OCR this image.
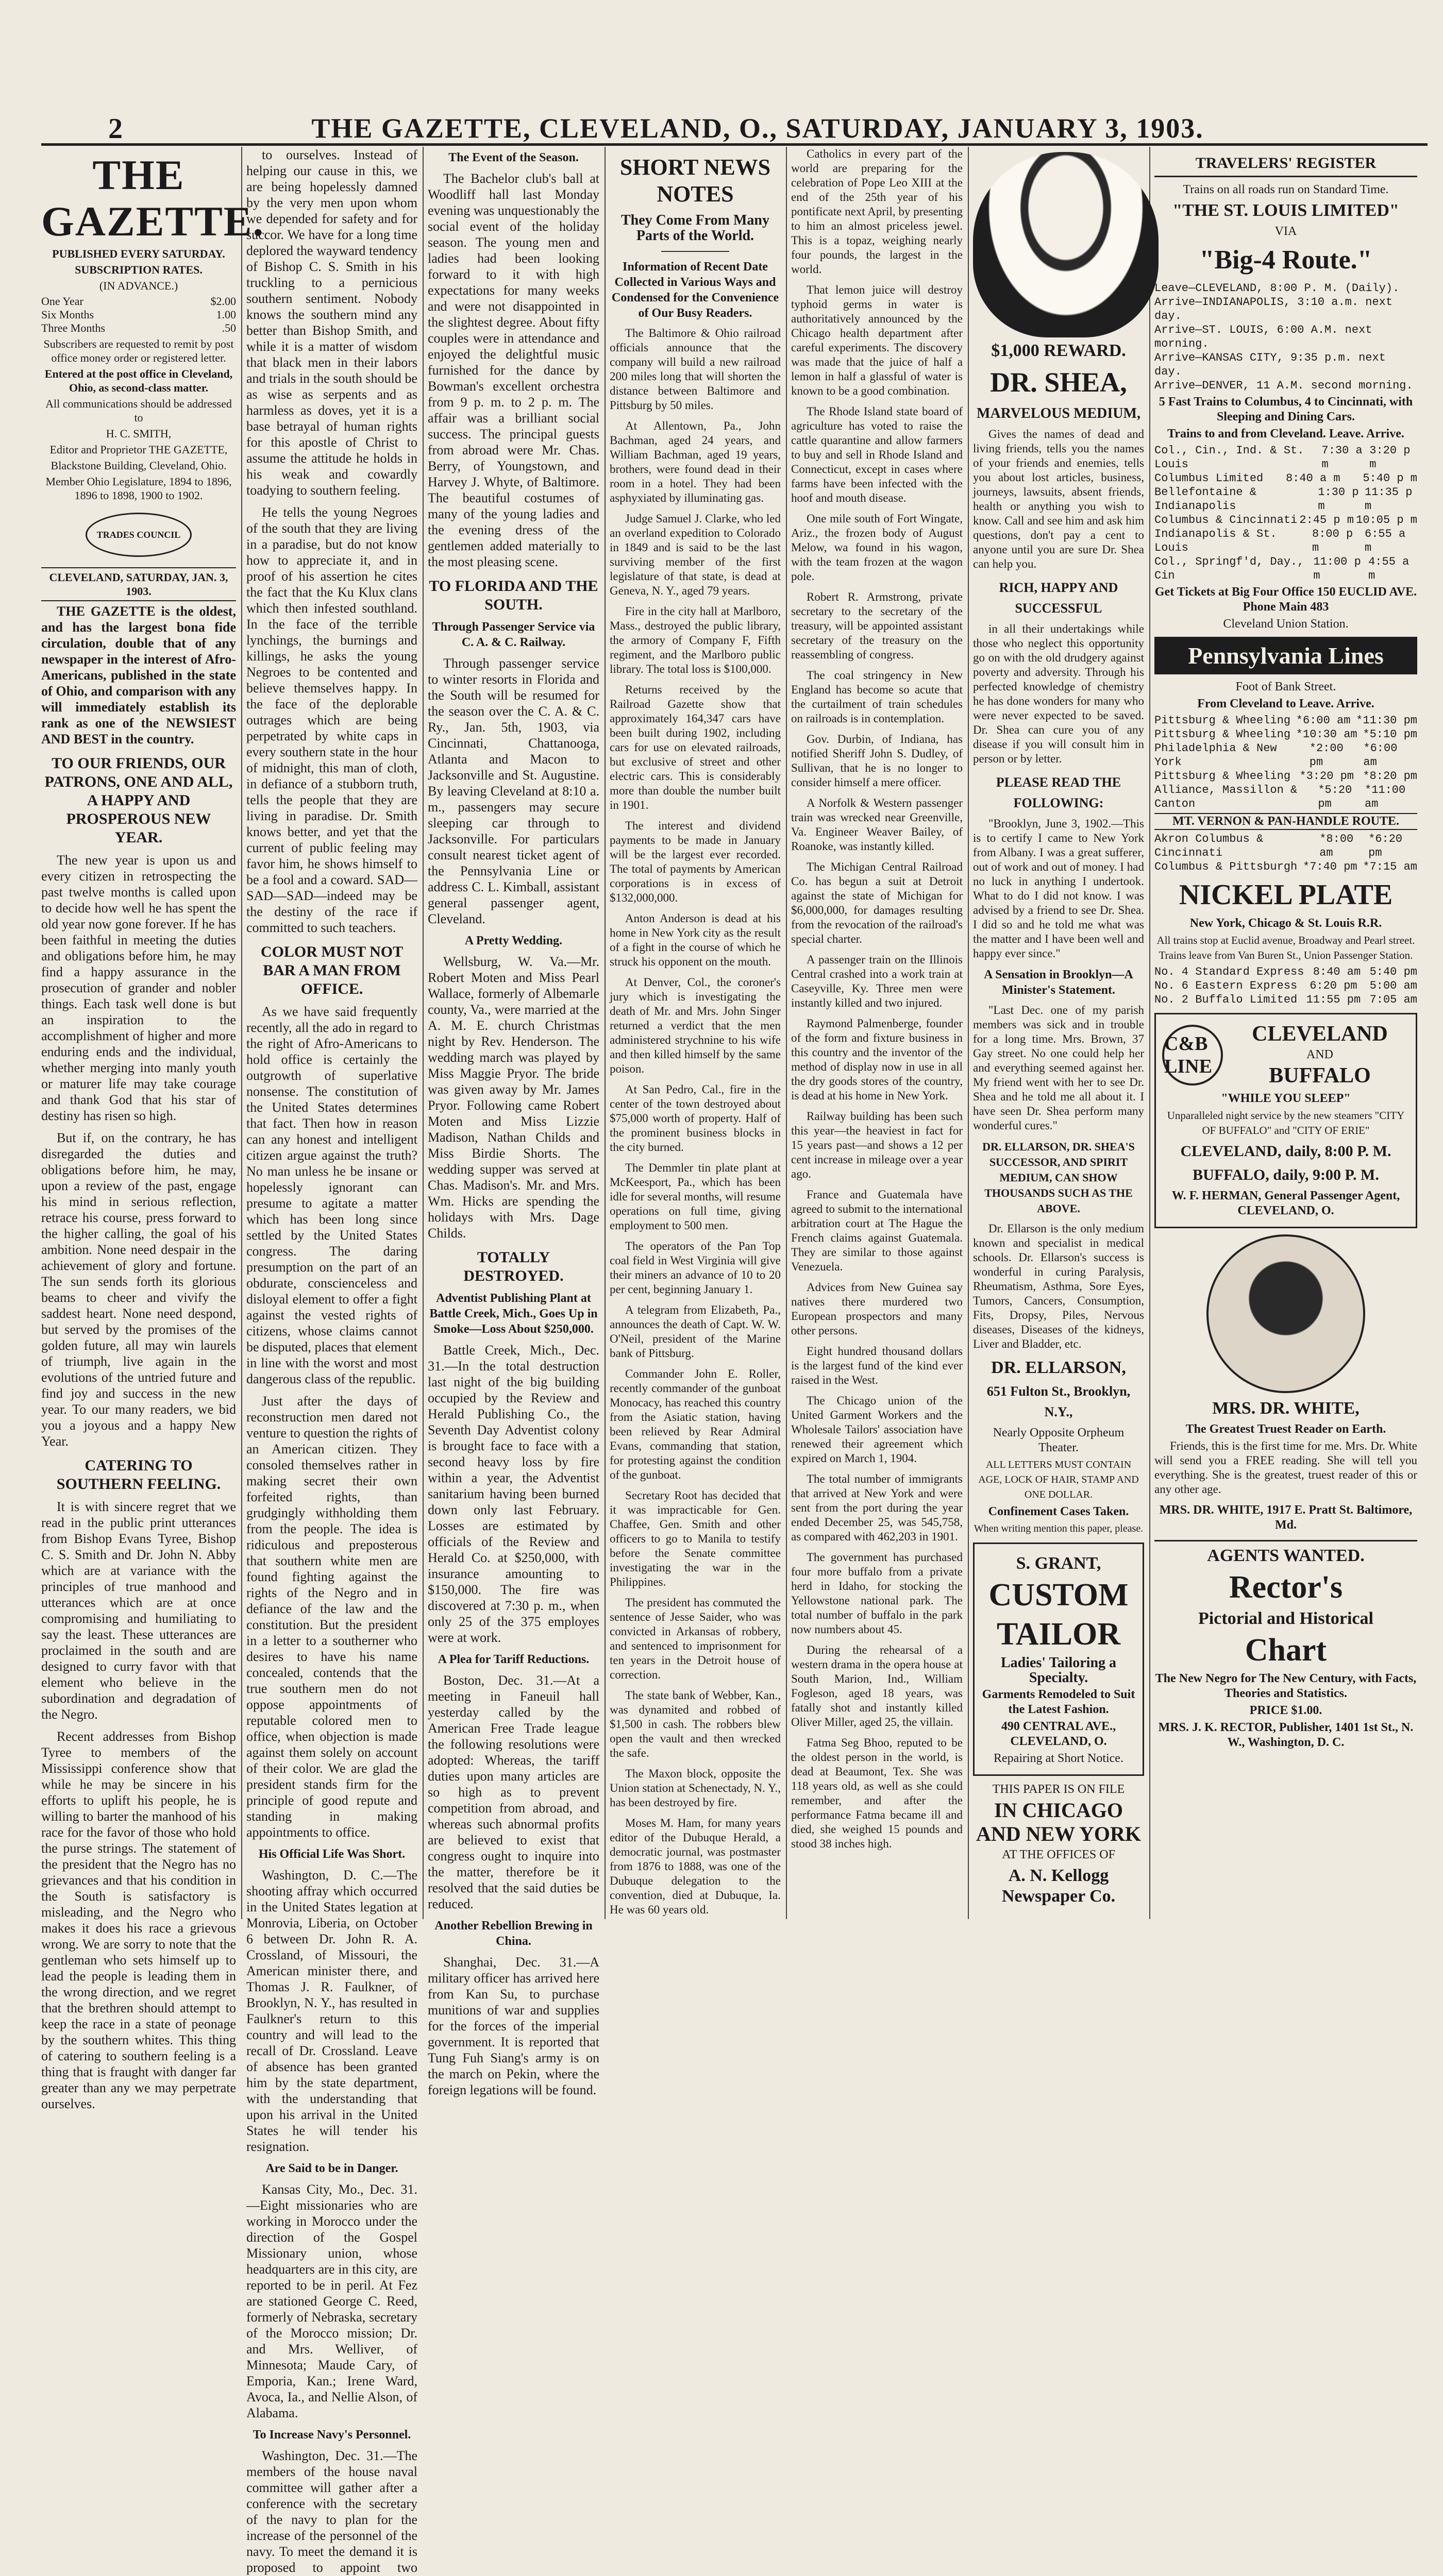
2	THE GAZETTE, CLEVELAND, O., SATURDAY, JANUARY 3, 1903.
THE GAZETTE.
PUBLISHED EVERY SATURDAY.
SUBSCRIPTION RATES.
(IN ADVANCE.)
One Year	$2.00
Six Months	1.00
Three Months	.50
Subscribers are requested to remit by post office money order or registered letter.
Entered at the post office in Cleveland, Ohio, as second-class matter.
All communications should be addressed to
H. C. SMITH,
Editor and Proprietor THE GAZETTE,
Blackstone Building, Cleveland, Ohio.
Member Ohio Legislature, 1894 to 1896, 1896 to 1898, 1900 to 1902.
TRADES COUNCIL
CLEVELAND, SATURDAY, JAN. 3, 1903.

THE GAZETTE is the oldest, and has the largest bona fide circulation, double that of any newspaper in the interest of Afro-Americans, published in the state of Ohio, and comparison with any will immediately establish its rank as one of the NEWSIEST AND BEST in the country.

TO OUR FRIENDS, OUR PATRONS, ONE AND ALL, A HAPPY AND PROSPEROUS NEW YEAR.

The new year is upon us and every citizen in retrospecting the past twelve months is called upon to decide how well he has spent the old year now gone forever. If he has been faithful in meeting the duties and obligations before him, he may find a happy assurance in the prosecution of grander and nobler things. Each task well done is but an inspiration to the accomplishment of higher and more enduring ends and the individual, whether merging into manly youth or maturer life may take courage and thank God that his star of destiny has risen so high.

But if, on the contrary, he has disregarded the duties and obligations before him, he may, upon a review of the past, engage his mind in serious reflection, retrace his course, press forward to the higher calling, the goal of his ambition. None need despair in the achievement of glory and fortune. The sun sends forth its glorious beams to cheer and vivify the saddest heart. None need despond, but served by the promises of the golden future, all may win laurels of triumph, live again in the evolutions of the untried future and find joy and success in the new year. To our many readers, we bid you a joyous and a happy New Year.

CATERING TO SOUTHERN FEELING.

It is with sincere regret that we read in the public print utterances from Bishop Evans Tyree, Bishop C. S. Smith and Dr. John N. Abby which are at variance with the principles of true manhood and utterances which are at once compromising and humiliating to say the least. These utterances are proclaimed in the south and are designed to curry favor with that element who believe in the subordination and degradation of the Negro.

Recent addresses from Bishop Tyree to members of the Mississippi conference show that while he may be sincere in his efforts to uplift his people, he is willing to barter the manhood of his race for the favor of those who hold the purse strings. The statement of the president that the Negro has no grievances and that his condition in the South is satisfactory is misleading, and the Negro who makes it does his race a grievous wrong. We are sorry to note that the gentleman who sets himself up to lead the people is leading them in the wrong direction, and we regret that the brethren should attempt to keep the race in a state of peonage by the southern whites. This thing of catering to southern feeling is a thing that is fraught with danger far greater than any we may perpetrate ourselves.

to ourselves. Instead of helping our cause in this, we are being hopelessly damned by the very men upon whom we depended for safety and for succor. We have for a long time deplored the wayward tendency of Bishop C. S. Smith in his truckling to a pernicious southern sentiment. Nobody knows the southern mind any better than Bishop Smith, and while it is a matter of wisdom that black men in their labors and trials in the south should be as wise as serpents and as harmless as doves, yet it is a base betrayal of human rights for this apostle of Christ to assume the attitude he holds in his weak and cowardly toadying to southern feeling.

He tells the young Negroes of the south that they are living in a paradise, but do not know how to appreciate it, and in proof of his assertion he cites the fact that the Ku Klux clans which then infested southland. In the face of the terrible lynchings, the burnings and killings, he asks the young Negroes to be contented and believe themselves happy. In the face of the deplorable outrages which are being perpetrated by white caps in every southern state in the hour of midnight, this man of cloth, in defiance of a stubborn truth, tells the people that they are living in paradise. Dr. Smith knows better, and yet that the current of public feeling may favor him, he shows himself to be a fool and a coward. SAD—SAD—SAD—indeed may be the destiny of the race if committed to such teachers.

COLOR MUST NOT BAR A MAN FROM OFFICE.

As we have said frequently recently, all the ado in regard to the right of Afro-Americans to hold office is certainly the outgrowth of superlative nonsense. The constitution of the United States determines that fact. Then how in reason can any honest and intelligent citizen argue against the truth? No man unless he be insane or hopelessly ignorant can presume to agitate a matter which has been long since settled by the United States congress. The daring presumption on the part of an obdurate, conscienceless and disloyal element to offer a fight against the vested rights of citizens, whose claims cannot be disputed, places that element in line with the worst and most dangerous class of the republic.

Just after the days of reconstruction men dared not venture to question the rights of an American citizen. They consoled themselves rather in making secret their own forfeited rights, than grudgingly withholding them from the people. The idea is ridiculous and preposterous that southern white men are found fighting against the rights of the Negro and in defiance of the law and the constitution. But the president in a letter to a southerner who desires to have his name concealed, contends that the true southern men do not oppose appointments of reputable colored men to office, when objection is made against them solely on account of their color. We are glad the president stands firm for the principle of good repute and standing in making appointments to office.

His Official Life Was Short.

Washington, D. C.—The shooting affray which occurred in the United States legation at Monrovia, Liberia, on October 6 between Dr. John R. A. Crossland, of Missouri, the American minister there, and Thomas J. R. Faulkner, of Brooklyn, N. Y., has resulted in Faulkner's return to this country and will lead to the recall of Dr. Crossland. Leave of absence has been granted him by the state department, with the understanding that upon his arrival in the United States he will tender his resignation.

Are Said to be in Danger.

Kansas City, Mo., Dec. 31.—Eight missionaries who are working in Morocco under the direction of the Gospel Missionary union, whose headquarters are in this city, are reported to be in peril. At Fez are stationed George C. Reed, formerly of Nebraska, secretary of the Morocco mission; Dr. and Mrs. Welliver, of Minnesota; Maude Cary, of Emporia, Kan.; Irene Ward, Avoca, Ia., and Nellie Alson, of Alabama.

To Increase Navy's Personnel.

Washington, Dec. 31.—The members of the house naval committee will gather after a conference with the secretary of the navy to plan for the increase of the personnel of the navy. To meet the demand it is proposed to appoint two

The Event of the Season.

The Bachelor club's ball at Woodliff hall last Monday evening was unquestionably the social event of the holiday season. The young men and ladies had been looking forward to it with high expectations for many weeks and were not disappointed in the slightest degree. About fifty couples were in attendance and enjoyed the delightful music furnished for the dance by Bowman's excellent orchestra from 9 p. m. to 2 p. m. The affair was a brilliant social success. The principal guests from abroad were Mr. Chas. Berry, of Youngstown, and Harvey J. Whyte, of Baltimore. The beautiful costumes of many of the young ladies and the evening dress of the gentlemen added materially to the most pleasing scene.

TO FLORIDA AND THE SOUTH.
Through Passenger Service via C. A. & C. Railway.

Through passenger service to winter resorts in Florida and the South will be resumed for the season over the C. A. & C. Ry., Jan. 5th, 1903, via Cincinnati, Chattanooga, Atlanta and Macon to Jacksonville and St. Augustine. By leaving Cleveland at 8:10 a. m., passengers may secure sleeping car through to Jacksonville. For particulars consult nearest ticket agent of the Pennsylvania Line or address C. L. Kimball, assistant general passenger agent, Cleveland.

A Pretty Wedding.

Wellsburg, W. Va.—Mr. Robert Moten and Miss Pearl Wallace, formerly of Albemarle county, Va., were married at the A. M. E. church Christmas night by Rev. Henderson. The wedding march was played by Miss Maggie Pryor. The bride was given away by Mr. James Pryor. Following came Robert Moten and Miss Lizzie Madison, Nathan Childs and Miss Birdie Shorts. The wedding supper was served at Chas. Madison's. Mr. and Mrs. Wm. Hicks are spending the holidays with Mrs. Dage Childs.

TOTALLY DESTROYED.
Adventist Publishing Plant at Battle Creek, Mich., Goes Up in Smoke—Loss About $250,000.

Battle Creek, Mich., Dec. 31.—In the total destruction last night of the big building occupied by the Review and Herald Publishing Co., the Seventh Day Adventist colony is brought face to face with a second heavy loss by fire within a year, the Adventist sanitarium having been burned down only last February. Losses are estimated by officials of the Review and Herald Co. at $250,000, with insurance amounting to $150,000. The fire was discovered at 7:30 p. m., when only 25 of the 375 employes were at work.

A Plea for Tariff Reductions.

Boston, Dec. 31.—At a meeting in Faneuil hall yesterday called by the American Free Trade league the following resolutions were adopted: Whereas, the tariff duties upon many articles are so high as to prevent competition from abroad, and whereas such abnormal profits are believed to exist that congress ought to inquire into the matter, therefore be it resolved that the said duties be reduced.

Another Rebellion Brewing in China.

Shanghai, Dec. 31.—A military officer has arrived here from Kan Su, to purchase munitions of war and supplies for the forces of the imperial government. It is reported that Tung Fuh Siang's army is on the march on Pekin, where the foreign legations will be found.

SHORT NEWS NOTES
They Come From Many Parts of the World.
Information of Recent Date Collected in Various Ways and Condensed for the Convenience of Our Busy Readers.

The Baltimore & Ohio railroad officials announce that the company will build a new railroad 200 miles long that will shorten the distance between Baltimore and Pittsburg by 50 miles.

At Allentown, Pa., John Bachman, aged 24 years, and William Bachman, aged 19 years, brothers, were found dead in their room in a hotel. They had been asphyxiated by illuminating gas.

Judge Samuel J. Clarke, who led an overland expedition to Colorado in 1849 and is said to be the last surviving member of the first legislature of that state, is dead at Geneva, N. Y., aged 79 years.

Fire in the city hall at Marlboro, Mass., destroyed the public library, the armory of Company F, Fifth regiment, and the Marlboro public library. The total loss is $100,000.

Returns received by the Railroad Gazette show that approximately 164,347 cars have been built during 1902, including cars for use on elevated railroads, but exclusive of street and other electric cars. This is considerably more than double the number built in 1901.

The interest and dividend payments to be made in January will be the largest ever recorded. The total of payments by American corporations is in excess of $132,000,000.

Anton Anderson is dead at his home in New York city as the result of a fight in the course of which he struck his opponent on the mouth.

At Denver, Col., the coroner's jury which is investigating the death of Mr. and Mrs. John Singer returned a verdict that the men administered strychnine to his wife and then killed himself by the same poison.

At San Pedro, Cal., fire in the center of the town destroyed about $75,000 worth of property. Half of the prominent business blocks in the city burned.

The Demmler tin plate plant at McKeesport, Pa., which has been idle for several months, will resume operations on full time, giving employment to 500 men.

The operators of the Pan Top coal field in West Virginia will give their miners an advance of 10 to 20 per cent, beginning January 1.

A telegram from Elizabeth, Pa., announces the death of Capt. W. W. O'Neil, president of the Marine bank of Pittsburg.

Commander John E. Roller, recently commander of the gunboat Monocacy, has reached this country from the Asiatic station, having been relieved by Rear Admiral Evans, commanding that station, for protesting against the condition of the gunboat.

Secretary Root has decided that it was impracticable for Gen. Chaffee, Gen. Smith and other officers to go to Manila to testify before the Senate committee investigating the war in the Philippines.

The president has commuted the sentence of Jesse Saider, who was convicted in Arkansas of robbery, and sentenced to imprisonment for ten years in the Detroit house of correction.

The state bank of Webber, Kan., was dynamited and robbed of $1,500 in cash. The robbers blew open the vault and then wrecked the safe.

The Maxon block, opposite the Union station at Schenectady, N. Y., has been destroyed by fire.

Moses M. Ham, for many years editor of the Dubuque Herald, a democratic journal, was postmaster from 1876 to 1888, was one of the Dubuque delegation to the convention, died at Dubuque, Ia. He was 60 years old.

Catholics in every part of the world are preparing for the celebration of Pope Leo XIII at the end of the 25th year of his pontificate next April, by presenting to him an almost priceless jewel. This is a topaz, weighing nearly four pounds, the largest in the world.

That lemon juice will destroy typhoid germs in water is authoritatively announced by the Chicago health department after careful experiments. The discovery was made that the juice of half a lemon in half a glassful of water is known to be a good combination.

The Rhode Island state board of agriculture has voted to raise the cattle quarantine and allow farmers to buy and sell in Rhode Island and Connecticut, except in cases where farms have been infected with the hoof and mouth disease.

One mile south of Fort Wingate, Ariz., the frozen body of August Melow, wa found in his wagon, with the team frozen at the wagon pole.

Robert R. Armstrong, private secretary to the secretary of the treasury, will be appointed assistant secretary of the treasury on the reassembling of congress.

The coal stringency in New England has become so acute that the curtailment of train schedules on railroads is in contemplation.

Gov. Durbin, of Indiana, has notified Sheriff John S. Dudley, of Sullivan, that he is no longer to consider himself a mere officer.

A Norfolk & Western passenger train was wrecked near Greenville, Va. Engineer Weaver Bailey, of Roanoke, was instantly killed.

The Michigan Central Railroad Co. has begun a suit at Detroit against the state of Michigan for $6,000,000, for damages resulting from the revocation of the railroad's special charter.

A passenger train on the Illinois Central crashed into a work train at Caseyville, Ky. Three men were instantly killed and two injured.

Raymond Palmenberge, founder of the form and fixture business in this country and the inventor of the method of display now in use in all the dry goods stores of the country, is dead at his home in New York.

Railway building has been such this year—the heaviest in fact for 15 years past—and shows a 12 per cent increase in mileage over a year ago.

France and Guatemala have agreed to submit to the international arbitration court at The Hague the French claims against Guatemala. They are similar to those against Venezuela.

Advices from New Guinea say natives there murdered two European prospectors and many other persons.

Eight hundred thousand dollars is the largest fund of the kind ever raised in the West.

The Chicago union of the United Garment Workers and the Wholesale Tailors' association have renewed their agreement which expired on March 1, 1904.

The total number of immigrants that arrived at New York and were sent from the port during the year ended December 25, was 545,758, as compared with 462,203 in 1901.

The government has purchased four more buffalo from a private herd in Idaho, for stocking the Yellowstone national park. The total number of buffalo in the park now numbers about 45.

During the rehearsal of a western drama in the opera house at South Marion, Ind., William Fogleson, aged 18 years, was fatally shot and instantly killed Oliver Miller, aged 25, the villain.

Fatma Seg Bhoo, reputed to be the oldest person in the world, is dead at Beaumont, Tex. She was 118 years old, as well as she could remember, and after the performance Fatma became ill and died, she weighed 15 pounds and stood 38 inches high.

$1,000 REWARD.
DR. SHEA,
MARVELOUS MEDIUM,

Gives the names of dead and living friends, tells you the names of your friends and enemies, tells you about lost articles, business, journeys, lawsuits, absent friends, health or anything you wish to know. Call and see him and ask him questions, don't pay a cent to anyone until you are sure Dr. Shea can help you.

RICH, HAPPY AND SUCCESSFUL

in all their undertakings while those who neglect this opportunity go on with the old drudgery against poverty and adversity. Through his perfected knowledge of chemistry he has done wonders for many who were never expected to be saved. Dr. Shea can cure you of any disease if you will consult him in person or by letter.

PLEASE READ THE FOLLOWING:

"Brooklyn, June 3, 1902.—This is to certify I came to New York from Albany. I was a great sufferer, out of work and out of money. I had no luck in anything I undertook. What to do I did not know. I was advised by a friend to see Dr. Shea. I did so and he told me what was the matter and I have been well and happy ever since."

A Sensation in Brooklyn—A Minister's Statement.

"Last Dec. one of my parish members was sick and in trouble for a long time. Mrs. Brown, 37 Gay street. No one could help her and everything seemed against her. My friend went with her to see Dr. Shea and he told me all about it. I have seen Dr. Shea perform many wonderful cures."

DR. ELLARSON, DR. SHEA'S SUCCESSOR, AND SPIRIT MEDIUM, CAN SHOW THOUSANDS SUCH AS THE ABOVE.

Dr. Ellarson is the only medium known and specialist in medical schools. Dr. Ellarson's success is wonderful in curing Paralysis, Rheumatism, Asthma, Sore Eyes, Tumors, Cancers, Consumption, Fits, Dropsy, Piles, Nervous diseases, Diseases of the kidneys, Liver and Bladder, etc.

DR. ELLARSON,
651 Fulton St., Brooklyn, N.Y.,
Nearly Opposite Orpheum Theater.
ALL LETTERS MUST CONTAIN AGE, LOCK OF HAIR, STAMP AND ONE DOLLAR.
Confinement Cases Taken.
When writing mention this paper, please.
S. GRANT,
CUSTOM
TAILOR
Ladies' Tailoring a Specialty.
Garments Remodeled to Suit the Latest Fashion.
490 CENTRAL AVE., CLEVELAND, O.
Repairing at Short Notice.
THIS PAPER IS ON FILE
IN CHICAGO
AND NEW YORK
AT THE OFFICES OF
A. N. Kellogg Newspaper Co.
TRAVELERS' REGISTER
Trains on all roads run on Standard Time.
"THE ST. LOUIS LIMITED"
VIA
"Big-4 Route."
Leave—CLEVELAND, 8:00 P. M. (Daily).
Arrive—INDIANAPOLIS, 3:10 a.m. next day.
Arrive—ST. LOUIS, 6:00 A.M. next morning.
Arrive—KANSAS CITY, 9:35 p.m. next day.
Arrive—DENVER, 11 A.M. second morning.
5 Fast Trains to Columbus, 4 to Cincinnati, with Sleeping and Dining Cars.
Trains to and from Cleveland. Leave. Arrive.
Col., Cin., Ind. & St. Louis
7:30 a m
3:20 p m
Columbus Limited 8:40 a m 5:40 p m
Bellefontaine & Indianapolis
1:30 p m
11:35 p m
Columbus & Cincinnati 2:45 p m 10:05 p m
Indianapolis & St. Louis
8:00 p m
6:55 a m
Col., Springf'd, Day., Cin
11:00 p m
4:55 a m
Get Tickets at Big Four Office 150 EUCLID AVE. Phone Main 483
Cleveland Union Station.
Pennsylvania Lines
Foot of Bank Street.
From Cleveland to Leave. Arrive.
Pittsburg & Wheeling *6:00 am *11:30 pm
Pittsburg & Wheeling *10:30 am *5:10 pm
Philadelphia & New York
*2:00 pm
*6:00 am
Pittsburg & Wheeling *3:20 pm *8:20 pm
Alliance, Massillon & Canton
*5:20 pm
*11:00 am
MT. VERNON & PAN-HANDLE ROUTE.
Akron Columbus & Cincinnati
*8:00 am
*6:20 pm
Columbus & Pittsburgh *7:40 pm *7:15 am
NICKEL PLATE
New York, Chicago & St. Louis R.R.
All trains stop at Euclid avenue, Broadway and Pearl street. Trains leave from Van Buren St., Union Passenger Station.
No. 4 Standard Express 8:40 am 5:40 pm
No. 6 Eastern Express 6:20 pm 5:00 am
No. 2 Buffalo Limited 11:55 pm 7:05 am
C&B LINE
CLEVELAND
AND
BUFFALO
"WHILE YOU SLEEP"
Unparalleled night service by the new steamers "CITY OF BUFFALO" and "CITY OF ERIE"
CLEVELAND, daily, 8:00 P. M.
BUFFALO, daily, 9:00 P. M.
W. F. HERMAN, General Passenger Agent, CLEVELAND, O.
MRS. DR. WHITE,
The Greatest Truest Reader on Earth.

Friends, this is the first time for me. Mrs. Dr. White will send you a FREE reading. She will tell you everything. She is the greatest, truest reader of this or any other age.

MRS. DR. WHITE, 1917 E. Pratt St. Baltimore, Md.
AGENTS WANTED.
Rector's
Pictorial and Historical
Chart
The New Negro for The New Century, with Facts, Theories and Statistics.
PRICE $1.00.
MRS. J. K. RECTOR, Publisher, 1401 1st St., N. W., Washington, D. C.
